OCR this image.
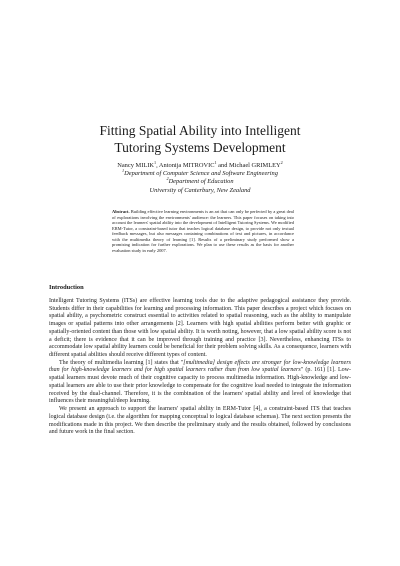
Fitting Spatial Ability into Intelligent
Tutoring Systems Development
Nancy MILIK$^1$, Antonija MITROVIC$^1$ and Michael GRIMLEY$^2$
$^1$Department of Computer Science and Software Engineering
$^2$Department of Education
University of Canterbury, New Zealand
Abstract. Building effective learning environments is an art that can only be perfected by a great deal of explorations involving the environments' audience: the learners. This paper focuses on taking into account the learners' spatial ability into the development of Intelligent Tutoring Systems. We modified ERM-Tutor, a constraint-based tutor that teaches logical database design, to provide not only textual feedback messages, but also messages containing combinations of text and pictures, in accordance with the multimedia theory of learning [1]. Results of a preliminary study performed show a promising indication for further explorations. We plan to use these results as the basis for another evaluation study in early 2007.
Introduction

Intelligent Tutoring Systems (ITSs) are effective learning tools due to the adaptive pedagogical assistance they provide. Students differ in their capabilities for learning and processing information. This paper describes a project which focuses on spatial ability, a psychometric construct essential to activities related to spatial reasoning, such as the ability to manipulate images or spatial patterns into other arrangements [2]. Learners with high spatial abilities perform better with graphic or spatially-oriented content than those with low spatial ability. It is worth noting, however, that a low spatial ability score is not a deficit; there is evidence that it can be improved through training and practice [3]. Nevertheless, enhancing ITSs to accommodate low spatial ability learners could be beneficial for their problem solving skills. As a consequence, learners with different spatial abilities should receive different types of content.

The theory of multimedia learning [1] states that "[multimedia] design effects are stronger for low-knowledge learners than for high-knowledge learners and for high spatial learners rather than from low spatial learners" (p. 161) [1]. Low-spatial learners must devote much of their cognitive capacity to process multimedia information. High-knowledge and low-spatial learners are able to use their prior knowledge to compensate for the cognitive load needed to integrate the information received by the dual-channel. Therefore, it is the combination of the learners' spatial ability and level of knowledge that influences their meaningful/deep learning.

We present an approach to support the learners' spatial ability in ERM-Tutor [4], a constraint-based ITS that teaches logical database design (i.e. the algorithm for mapping conceptual to logical database schemas). The next section presents the modifications made in this project. We then describe the preliminary study and the results obtained, followed by conclusions and future work in the final section.
